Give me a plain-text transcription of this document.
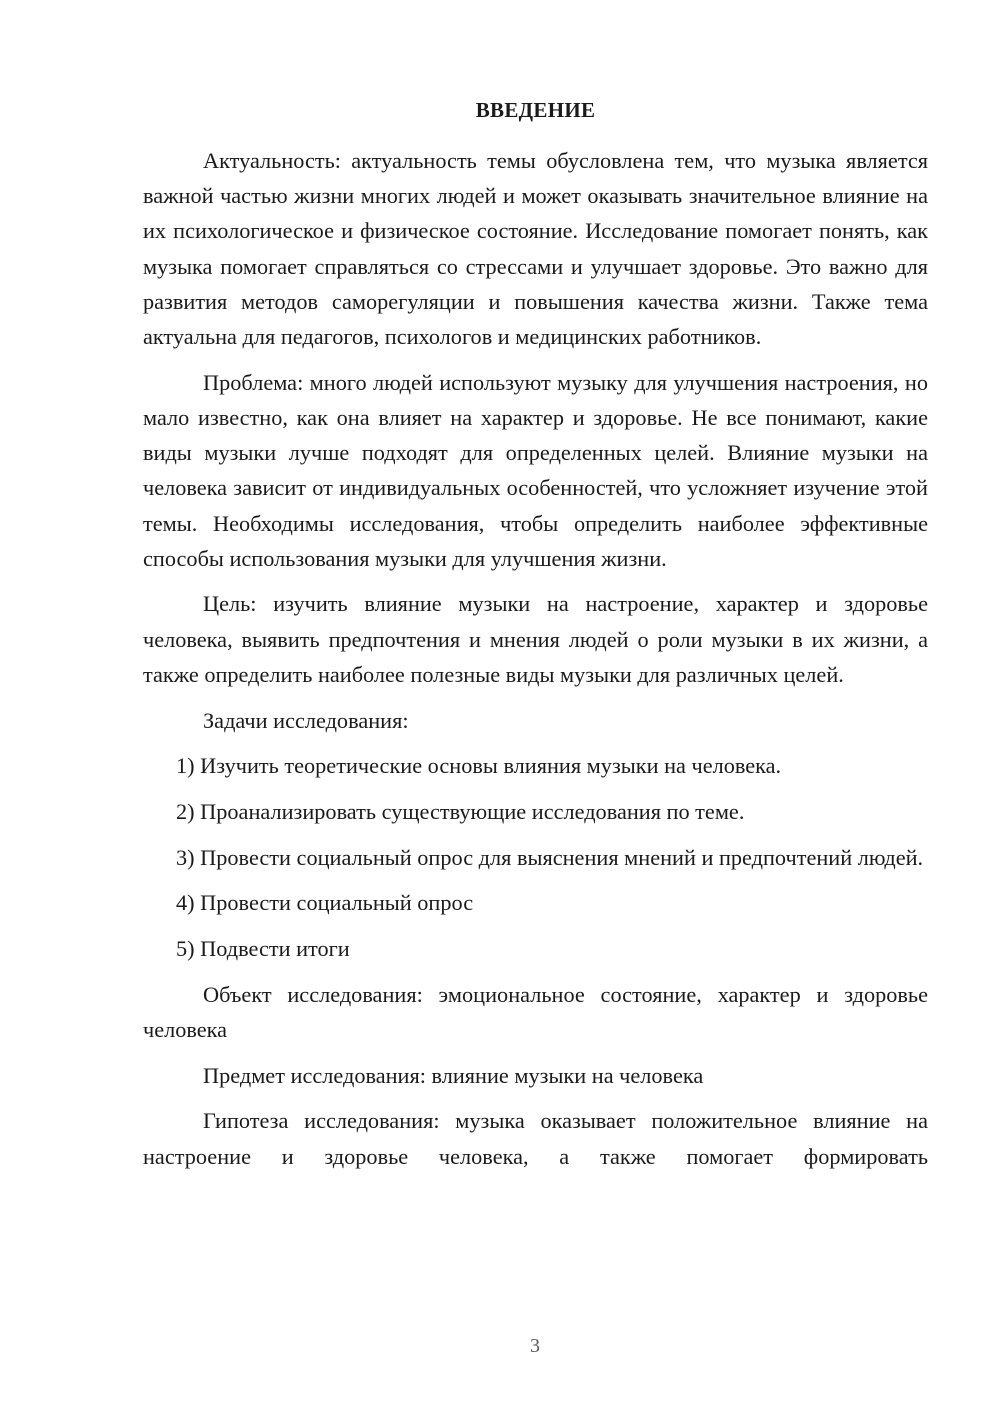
ВВЕДЕНИЕ

Актуальность: актуальность темы обусловлена тем, что музыка является важной частью жизни многих людей и может оказывать значительное влияние на их психологическое и физическое состояние. Исследование помогает понять, как музыка помогает справляться со стрессами и улучшает здоровье. Это важно для развития методов саморегуляции и повышения качества жизни. Также тема актуальна для педагогов, психологов и медицинских работников.

Проблема: много людей используют музыку для улучшения настроения, но мало известно, как она влияет на характер и здоровье. Не все понимают, какие виды музыки лучше подходят для определенных целей. Влияние музыки на человека зависит от индивидуальных особенностей, что усложняет изучение этой темы. Необходимы исследования, чтобы определить наиболее эффективные способы использования музыки для улучшения жизни.

Цель: изучить влияние музыки на настроение, характер и здоровье человека, выявить предпочтения и мнения людей о роли музыки в их жизни, а также определить наиболее полезные виды музыки для различных целей.

Задачи исследования:

1) Изучить теоретические основы влияния музыки на человека.

2) Проанализировать существующие исследования по теме.

3) Провести социальный опрос для выяснения мнений и предпочтений людей.

4) Провести социальный опрос

5) Подвести итоги

Объект исследования: эмоциональное состояние, характер и здоровье человека

Предмет исследования: влияние музыки на человека

Гипотеза исследования: музыка оказывает положительное влияние на настроение и здоровье человека, а также помогает формировать

3
